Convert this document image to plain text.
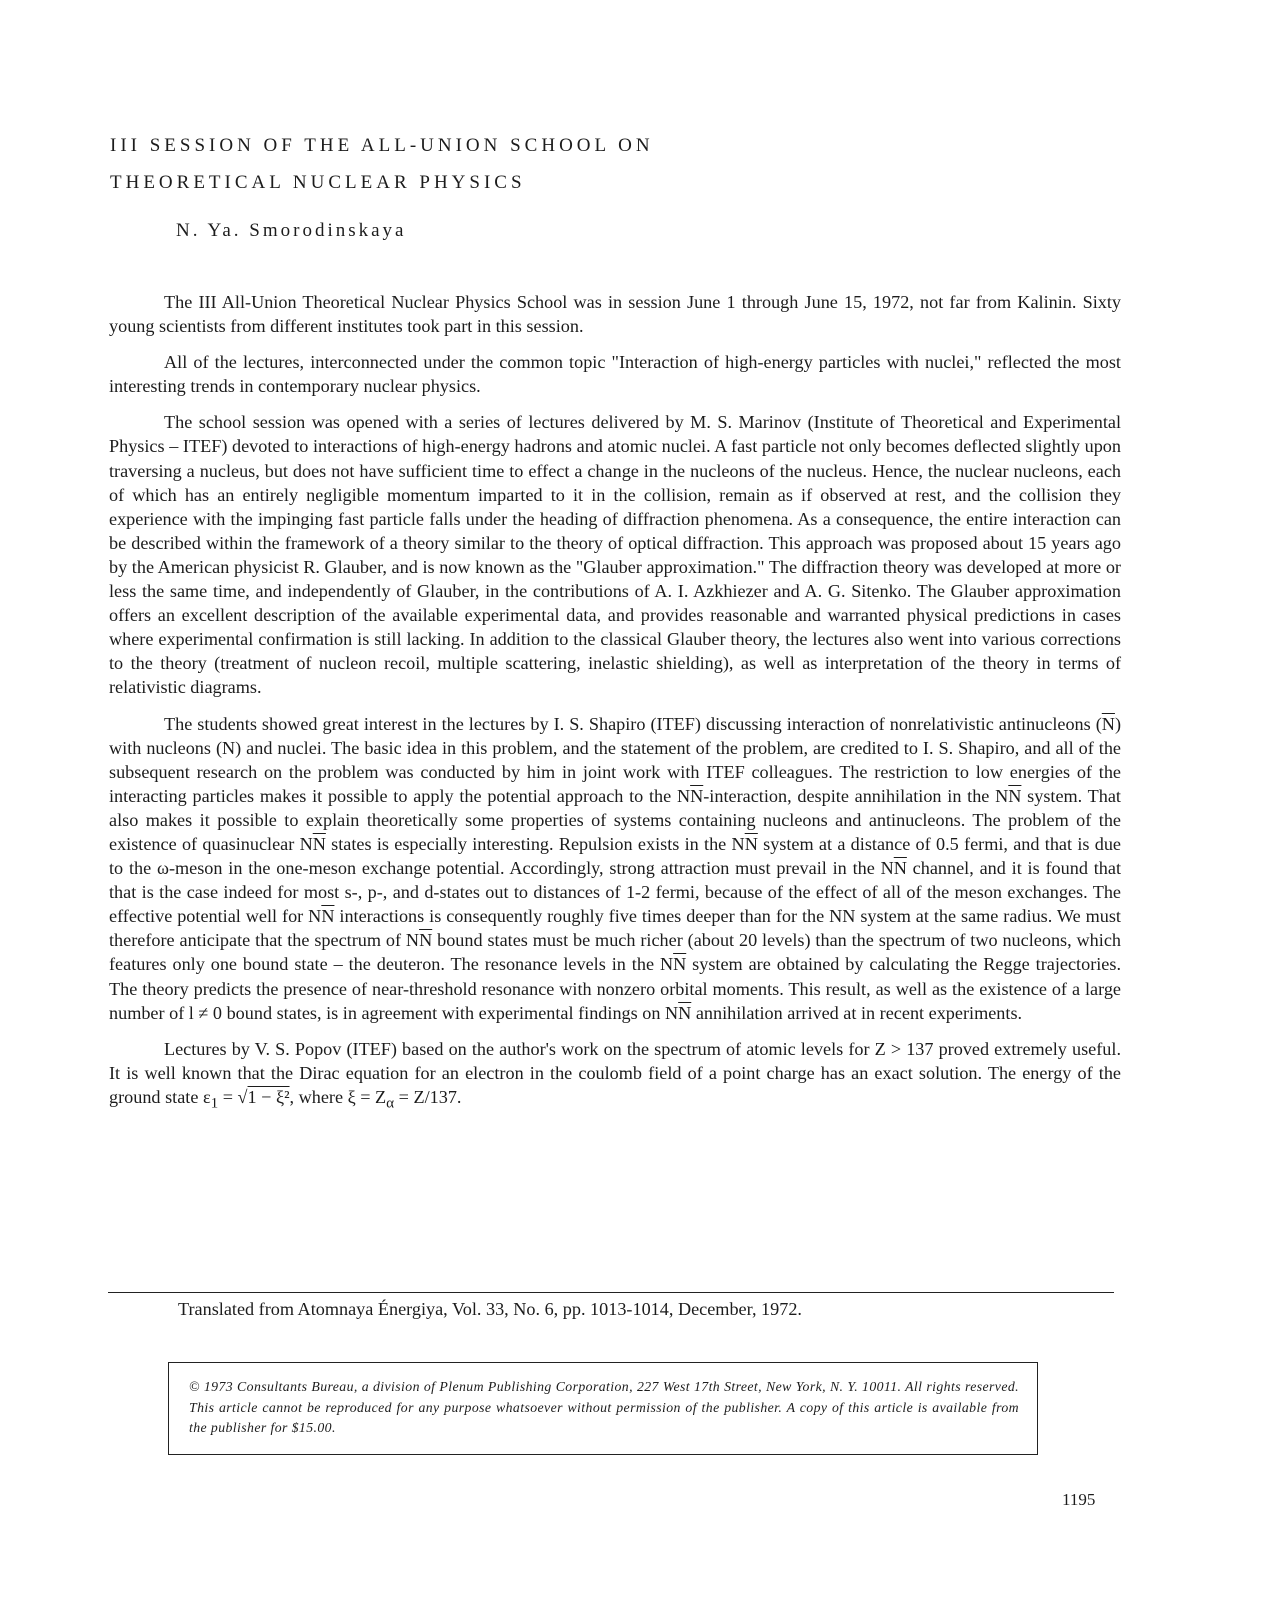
III SESSION OF THE ALL-UNION SCHOOL ON
THEORETICAL NUCLEAR PHYSICS
N. Ya. Smorodinskaya

The III All-Union Theoretical Nuclear Physics School was in session June 1 through June 15, 1972, not far from Kalinin. Sixty young scientists from different institutes took part in this session.

All of the lectures, interconnected under the common topic "Interaction of high-energy particles with nuclei," reflected the most interesting trends in contemporary nuclear physics.

The school session was opened with a series of lectures delivered by M. S. Marinov (Institute of Theoretical and Experimental Physics – ITEF) devoted to interactions of high-energy hadrons and atomic nuclei. A fast particle not only becomes deflected slightly upon traversing a nucleus, but does not have sufficient time to effect a change in the nucleons of the nucleus. Hence, the nuclear nucleons, each of which has an entirely negligible momentum imparted to it in the collision, remain as if observed at rest, and the collision they experience with the impinging fast particle falls under the heading of diffraction phenomena. As a consequence, the entire interaction can be described within the framework of a theory similar to the theory of optical diffraction. This approach was proposed about 15 years ago by the American physicist R. Glauber, and is now known as the "Glauber approximation." The diffraction theory was developed at more or less the same time, and independently of Glauber, in the contributions of A. I. Azkhiezer and A. G. Sitenko. The Glauber approximation offers an excellent description of the available experimental data, and provides reasonable and warranted physical predictions in cases where experimental confirmation is still lacking. In addition to the classical Glauber theory, the lectures also went into various corrections to the theory (treatment of nucleon recoil, multiple scattering, inelastic shielding), as well as interpretation of the theory in terms of relativistic diagrams.

The students showed great interest in the lectures by I. S. Shapiro (ITEF) discussing interaction of nonrelativistic antinucleons $(\overline{N})$ with nucleons (N) and nuclei. The basic idea in this problem, and the statement of the problem, are credited to I. S. Shapiro, and all of the subsequent research on the problem was conducted by him in joint work with ITEF colleagues. The restriction to low energies of the interacting particles makes it possible to apply the potential approach to the $N\overline{N}$-interaction, despite annihilation in the $N\overline{N}$ system. That also makes it possible to explain theoretically some properties of systems containing nucleons and antinucleons. The problem of the existence of quasinuclear $N\overline{N}$ states is especially interesting. Repulsion exists in the $N\overline{N}$ system at a distance of 0.5 fermi, and that is due to the ω-meson in the one-meson exchange potential. Accordingly, strong attraction must prevail in the $N\overline{N}$ channel, and it is found that that is the case indeed for most s-, p-, and d-states out to distances of 1-2 fermi, because of the effect of all of the meson exchanges. The effective potential well for $N\overline{N}$ interactions is consequently roughly five times deeper than for the NN system at the same radius. We must therefore anticipate that the spectrum of $N\overline{N}$ bound states must be much richer (about 20 levels) than the spectrum of two nucleons, which features only one bound state – the deuteron. The resonance levels in the $N\overline{N}$ system are obtained by calculating the Regge trajectories. The theory predicts the presence of near-threshold resonance with nonzero orbital moments. This result, as well as the existence of a large number of l ≠ 0 bound states, is in agreement with experimental findings on $N\overline{N}$ annihilation arrived at in recent experiments.

Lectures by V. S. Popov (ITEF) based on the author's work on the spectrum of atomic levels for Z > 137 proved extremely useful. It is well known that the Dirac equation for an electron in the coulomb field of a point charge has an exact solution. The energy of the ground state $\varepsilon_1 = √1 - \xi^2$, where $\xi = Z_\alpha = Z/137$.

Translated from Atomnaya Énergiya, Vol. 33, No. 6, pp. 1013-1014, December, 1972.
© 1973 Consultants Bureau, a division of Plenum Publishing Corporation, 227 West 17th Street, New York, N. Y. 10011. All rights reserved. This article cannot be reproduced for any purpose whatsoever without permission of the publisher. A copy of this article is available from the publisher for $15.00.
1195
